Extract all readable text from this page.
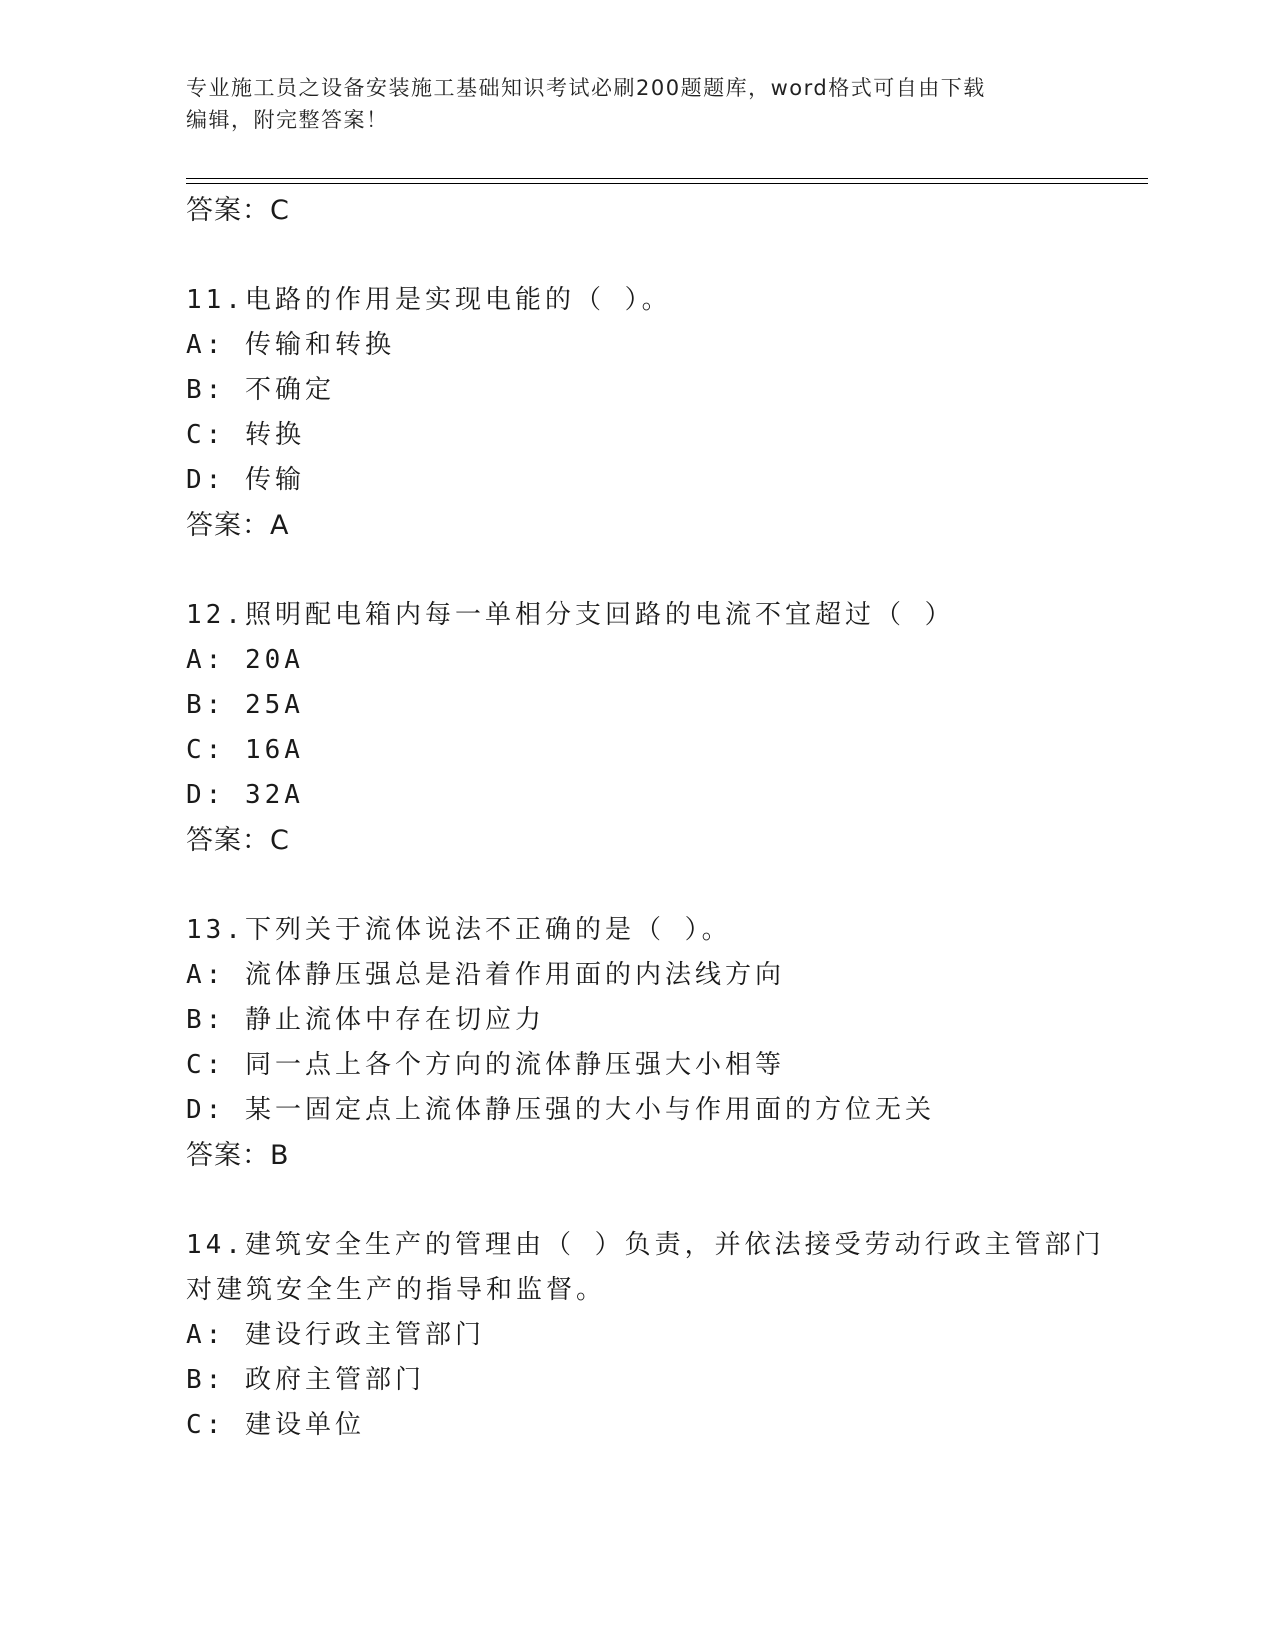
专业施工员之设备安装施工基础知识考试必刷200题题库，word格式可自由下载
编辑，附完整答案！
答案：C
11.电路的作用是实现电能的（ ）。
A: 传输和转换
B: 不确定
C: 转换
D: 传输
答案：A
12.照明配电箱内每一单相分支回路的电流不宜超过（ ）
A: 20A
B: 25A
C: 16A
D: 32A
答案：C
13.下列关于流体说法不正确的是（ ）。
A: 流体静压强总是沿着作用面的内法线方向
B: 静止流体中存在切应力
C: 同一点上各个方向的流体静压强大小相等
D: 某一固定点上流体静压强的大小与作用面的方位无关
答案：B
14.建筑安全生产的管理由（ ）负责，并依法接受劳动行政主管部门
对建筑安全生产的指导和监督。
A: 建设行政主管部门
B: 政府主管部门
C: 建设单位
